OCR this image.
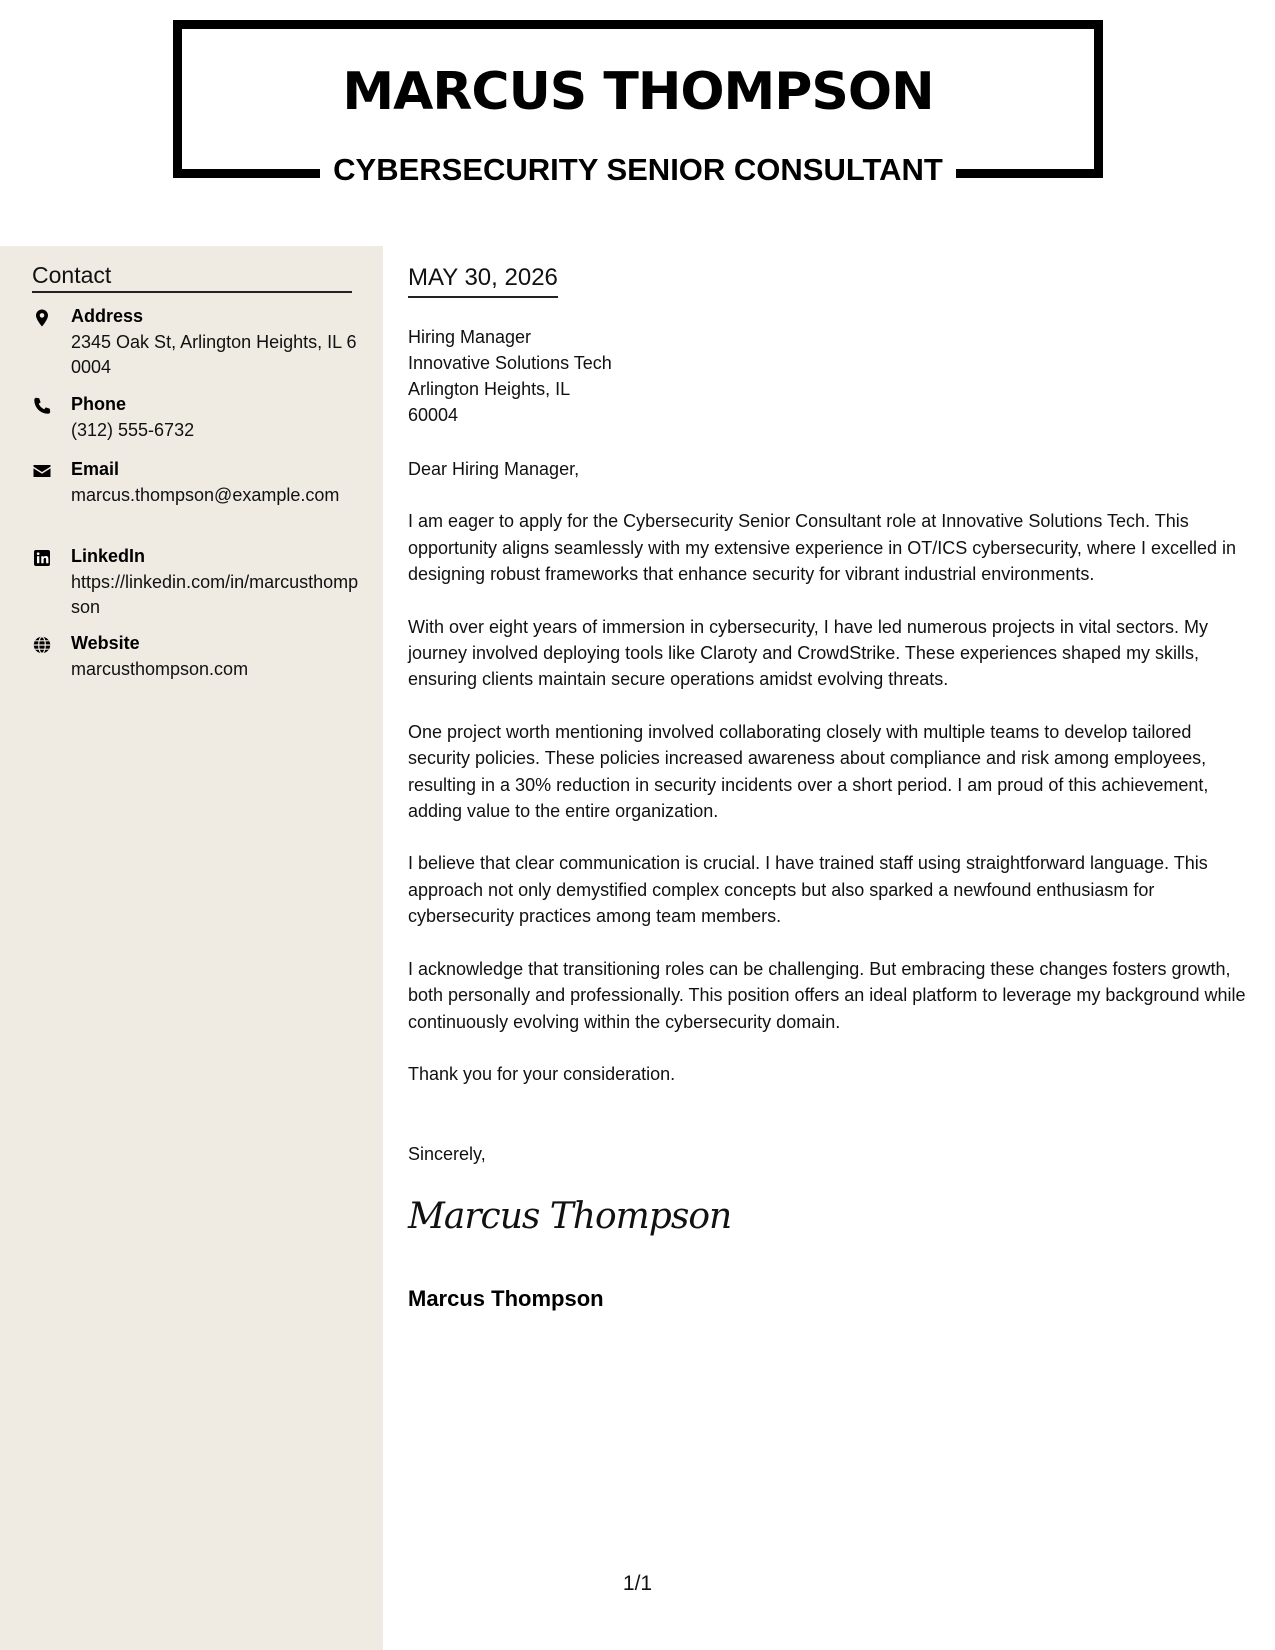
MARCUS THOMPSON
CYBERSECURITY SENIOR CONSULTANT
Contact
Address
2345 Oak St, Arlington Heights, IL 60004
Phone
(312) 555-6732
Email
marcus.thompson@example.com
LinkedIn
https://linkedin.com/in/marcusthompson
Website
marcusthompson.com
MAY 30, 2026
Hiring Manager
Innovative Solutions Tech
Arlington Heights, IL
60004
Dear Hiring Manager,

I am eager to apply for the Cybersecurity Senior Consultant role at Innovative Solutions Tech. This opportunity aligns seamlessly with my extensive experience in OT/ICS cybersecurity, where I excelled in designing robust frameworks that enhance security for vibrant industrial environments.

With over eight years of immersion in cybersecurity, I have led numerous projects in vital sectors. My journey involved deploying tools like Claroty and CrowdStrike. These experiences shaped my skills, ensuring clients maintain secure operations amidst evolving threats.

One project worth mentioning involved collaborating closely with multiple teams to develop tailored security policies. These policies increased awareness about compliance and risk among employees, resulting in a 30% reduction in security incidents over a short period. I am proud of this achievement, adding value to the entire organization.

I believe that clear communication is crucial. I have trained staff using straightforward language. This approach not only demystified complex concepts but also sparked a newfound enthusiasm for cybersecurity practices among team members.

I acknowledge that transitioning roles can be challenging. But embracing these changes fosters growth, both personally and professionally. This position offers an ideal platform to leverage my background while continuously evolving within the cybersecurity domain.

Thank you for your consideration.

Sincerely,
Marcus Thompson
Marcus Thompson
1/1
